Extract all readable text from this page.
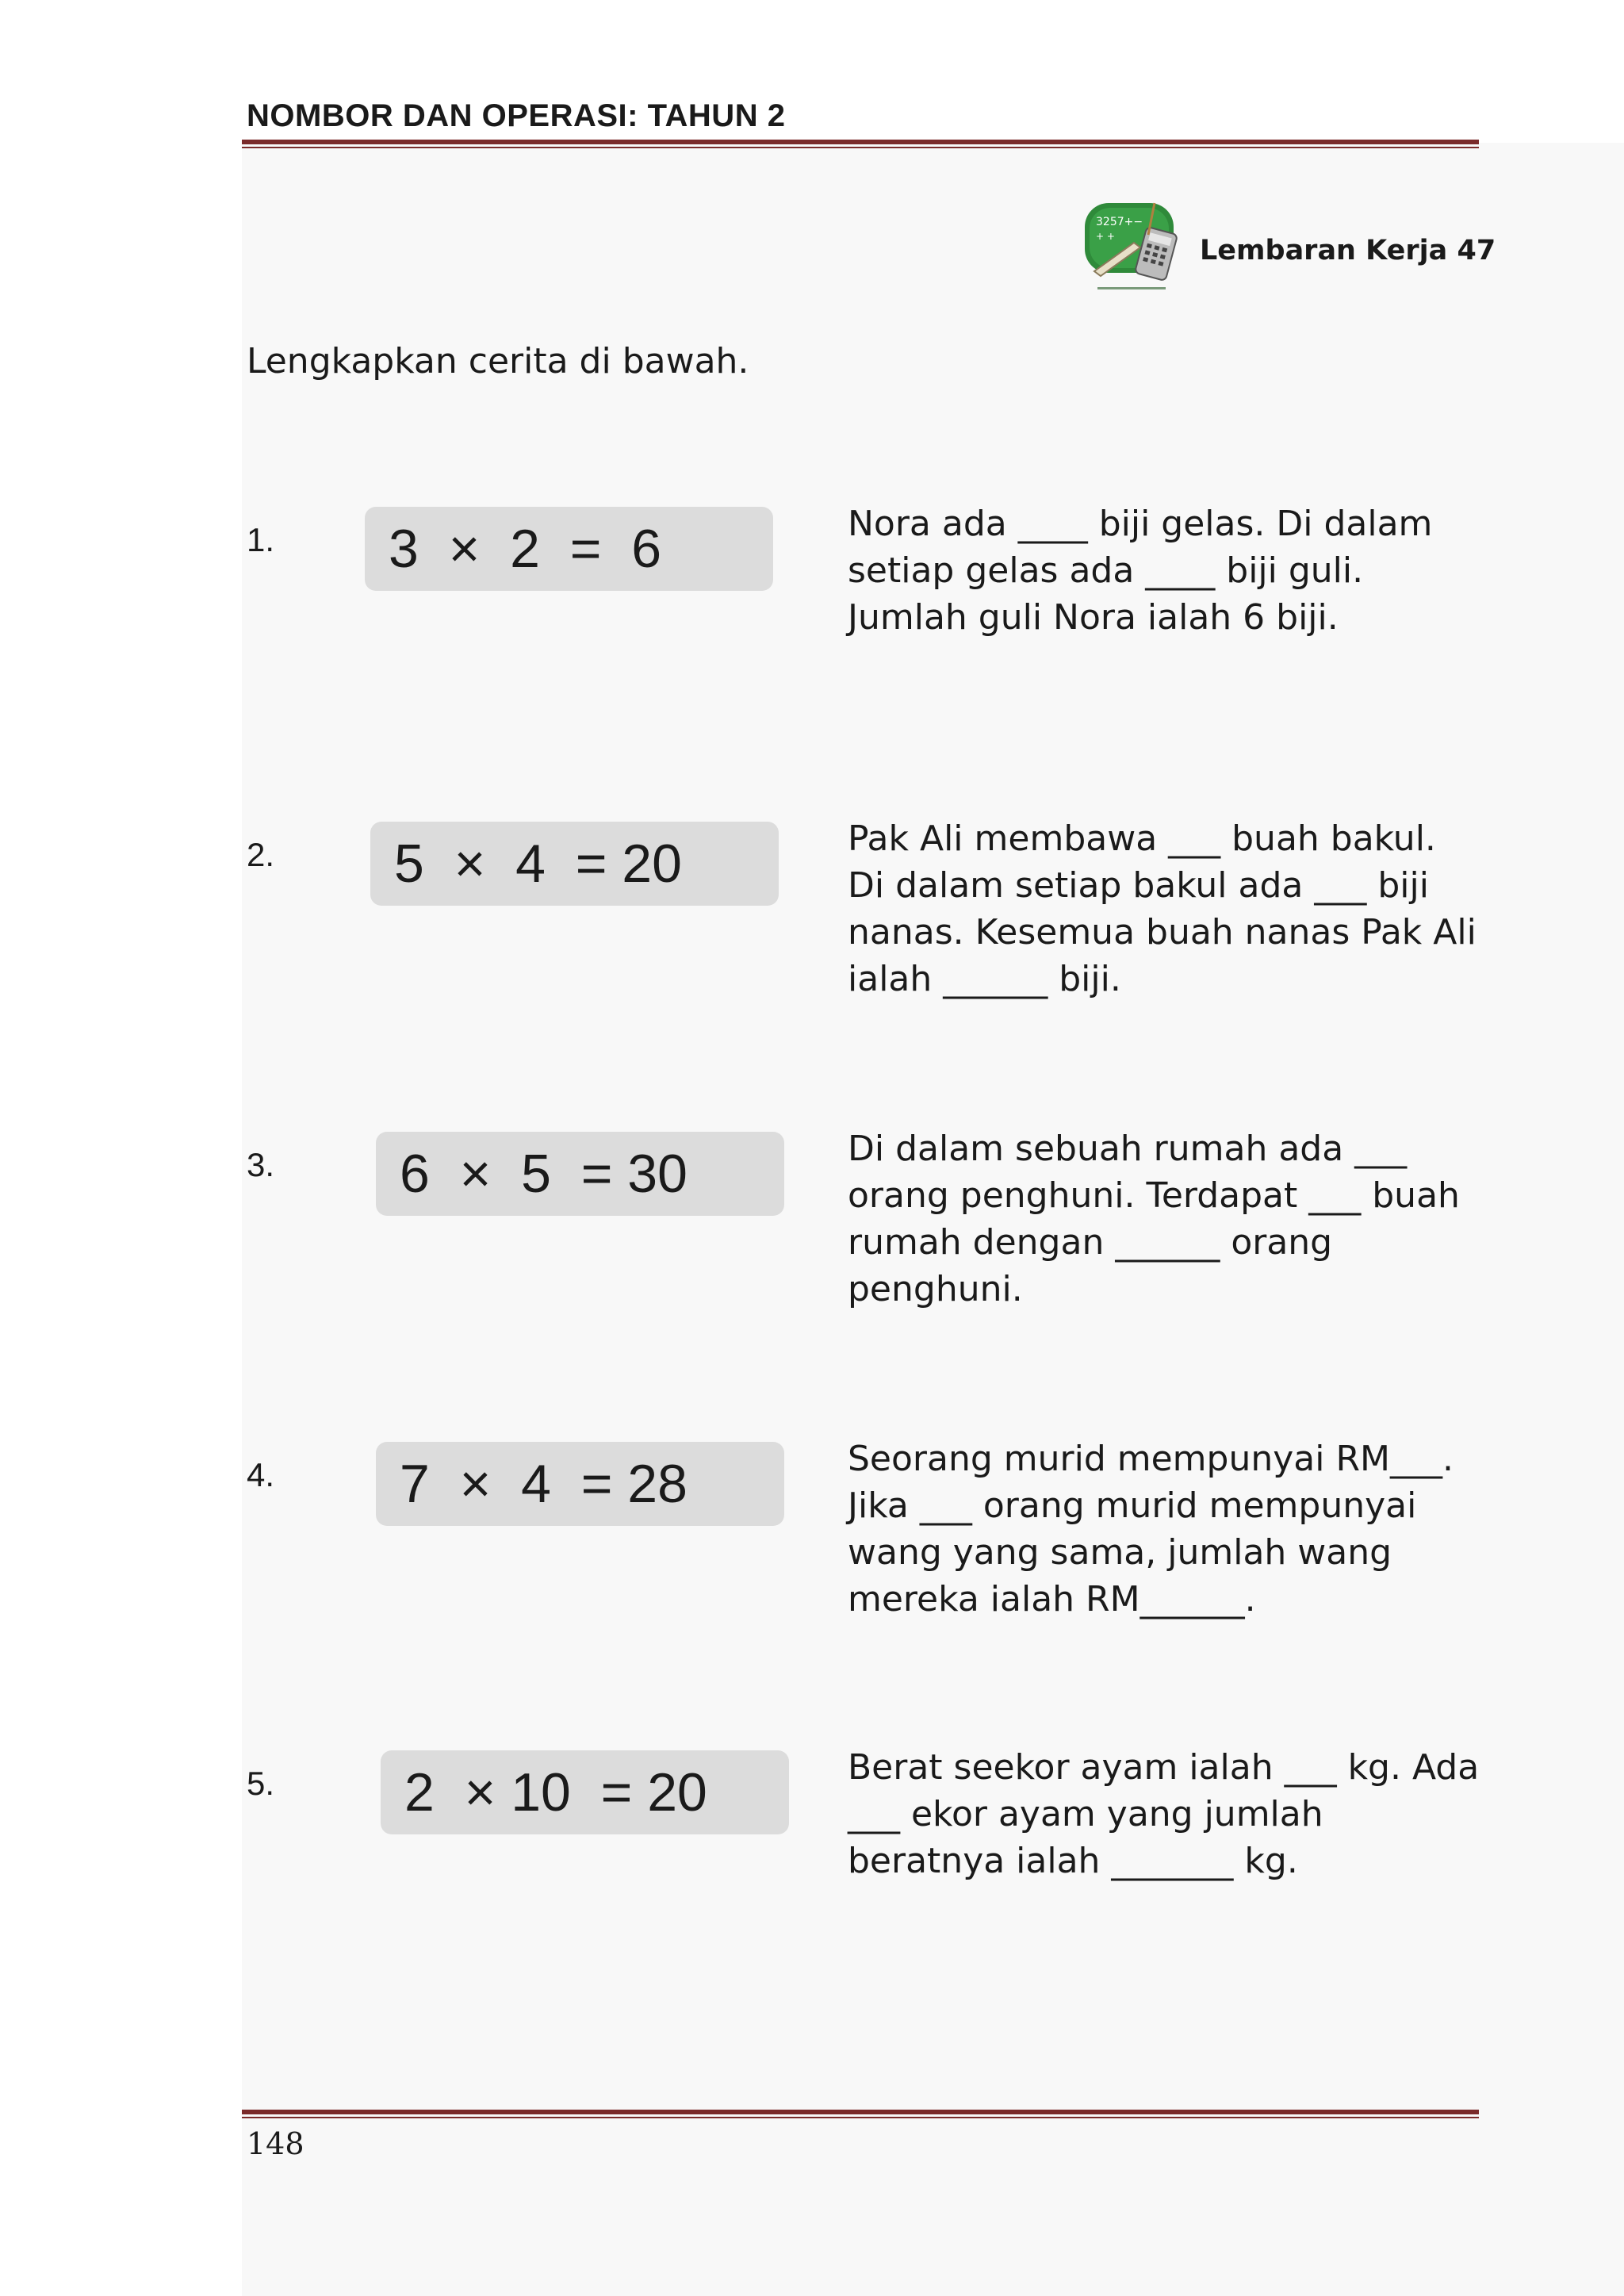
NOMBOR DAN OPERASI: TAHUN 2
3257+−
+ +	Lembaran Kerja 47
Lengkapkan cerita di bawah.
1. 3  ×  2  =  6	Nora ada ____ biji gelas. Di dalam
setiap gelas ada ____ biji guli.
Jumlah guli Nora ialah 6 biji.
2. 5  ×  4  = 20	Pak Ali membawa ___ buah bakul.
Di dalam setiap bakul ada ___ biji
nanas. Kesemua buah nanas Pak Ali
ialah ______ biji.
3. 6  ×  5  = 30	Di dalam sebuah rumah ada ___
orang penghuni. Terdapat ___ buah
rumah dengan ______ orang
penghuni.
4. 7  ×  4  = 28	Seorang murid mempunyai RM___.
Jika ___ orang murid mempunyai
wang yang sama, jumlah wang
mereka ialah RM______.
5. 2  × 10  = 20	Berat seekor ayam ialah ___ kg. Ada
___ ekor ayam yang jumlah
beratnya ialah _______ kg.
148
